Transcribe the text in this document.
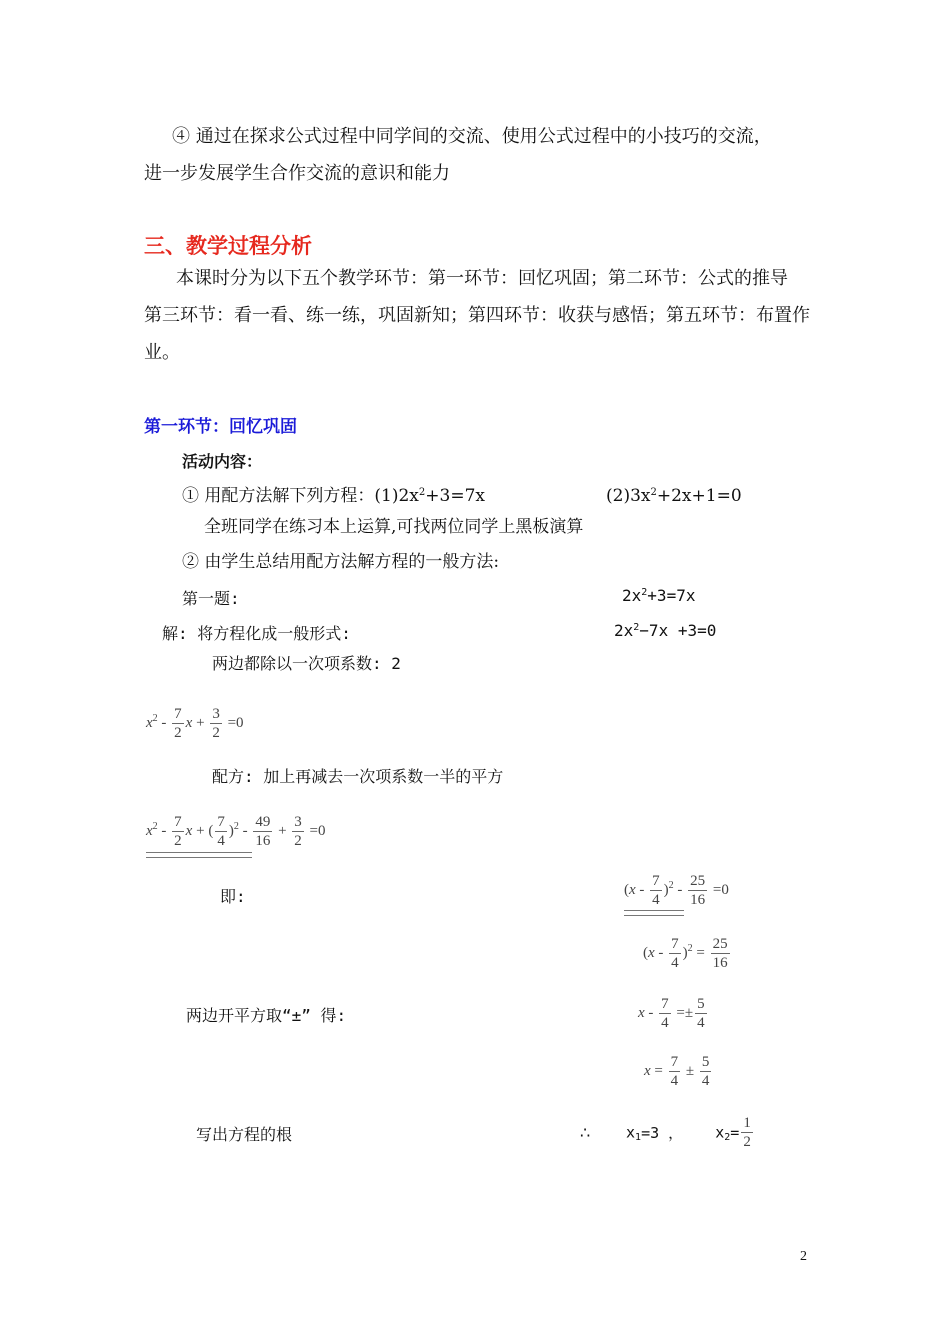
④ 通过在探求公式过程中同学间的交流、使用公式过程中的小技巧的交流，
进一步发展学生合作交流的意识和能力
三、教学过程分析
本课时分为以下五个教学环节：第一环节：回忆巩固；第二环节：公式的推导
第三环节：看一看、练一练，巩固新知；第四环节：收获与感悟；第五环节：布置作
业。
第一环节：回忆巩固
活动内容：
① 用配方法解下列方程：$(1)2x^2+3=7x$	$(2)3x^2+2x+1=0$
全班同学在练习本上运算,可找两位同学上黑板演算
② 由学生总结用配方法解方程的一般方法:
第一题:	$2x^2+3=7x$
解: 将方程化成一般形式:	$2x^2-7x +3=0$
两边都除以一次项系数: 2
$x^2 - \frac{7}{2}$ $x + \frac{3}{2} =0$
配方: 加上再减去一次项系数一半的平方
$x^2 - \frac{7}{2}$ x + ( $\frac{7}{4} )^2 - \frac{49}{16} + \frac{3}{2} =0$
即:	$(x - \frac{7}{4} )^2 - \frac{25}{16} =0$
$(x - \frac{7}{4} )^2 = \frac{25}{16}$
两边开平方取“±” 得:	$x - \frac{7}{4} =\pm \frac{5}{4}$
$x = \frac{7}{4} \pm \frac{5}{4}$
写出方程的根	∴ $x_1=3$ ， $x_2= \frac{1}{2}$
2
